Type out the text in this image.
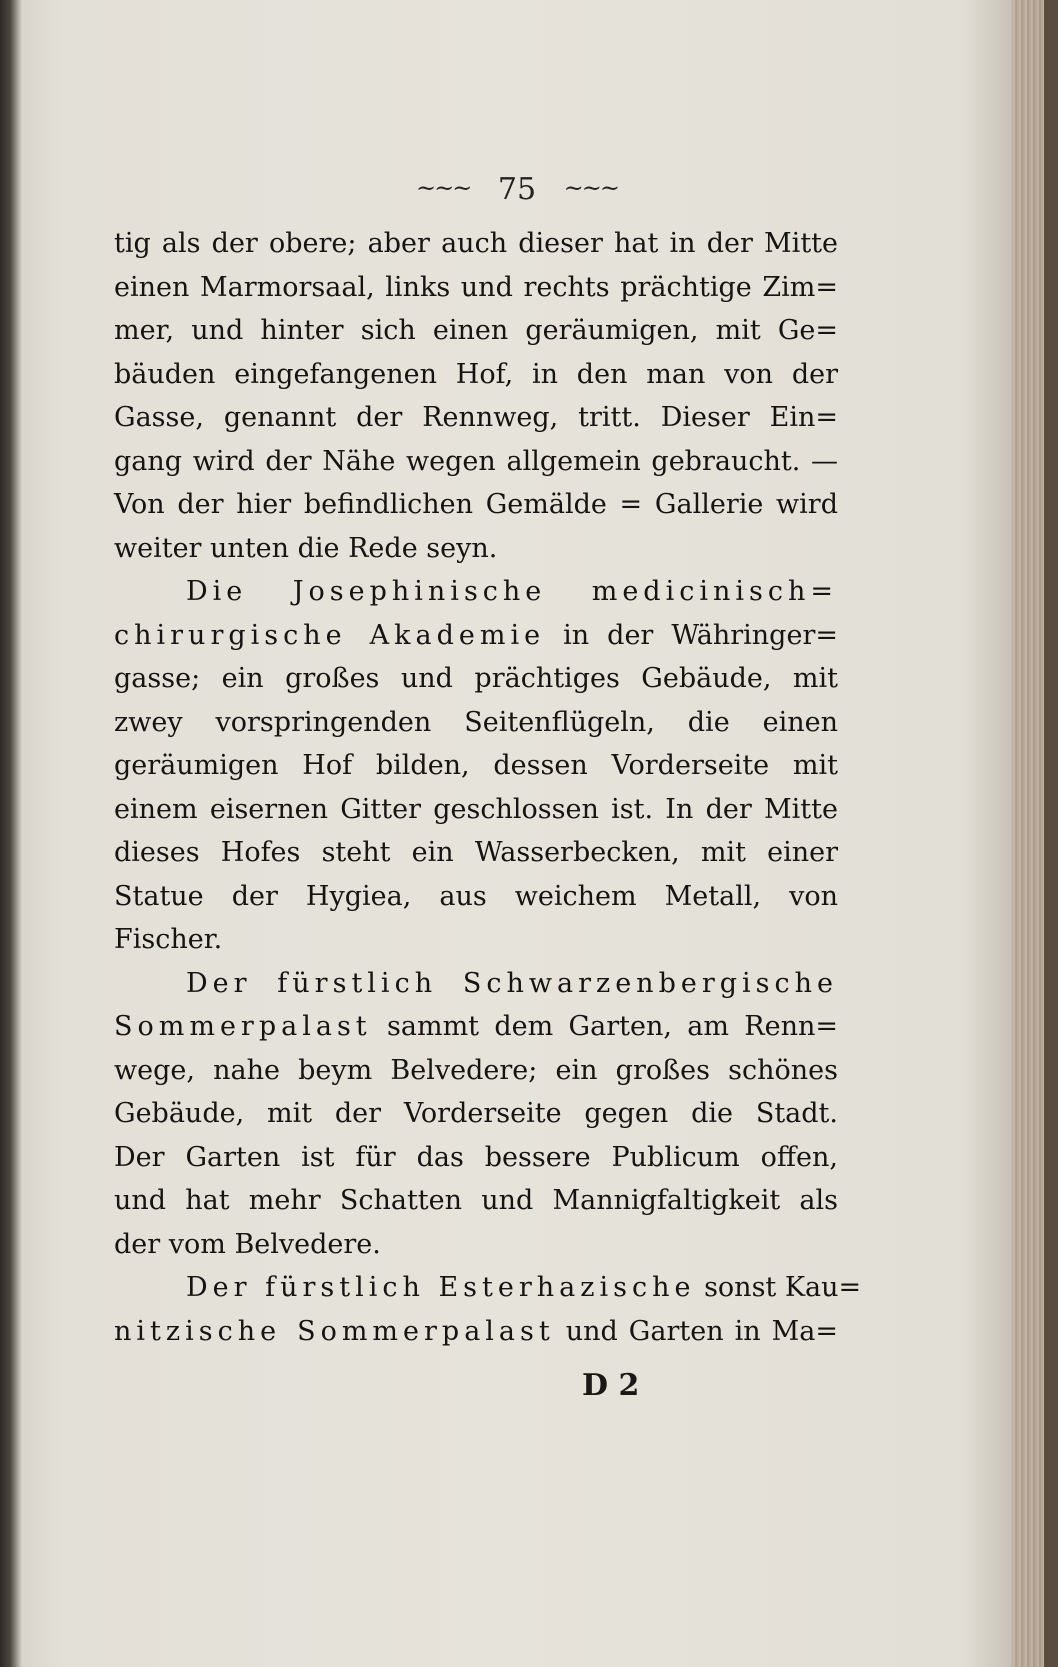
~~~ 75 ~~~
tig als der obere; aber auch dieser hat in der Mitte
einen Marmorsaal, links und rechts prächtige Zim=
mer, und hinter sich einen geräumigen, mit Ge=
bäuden eingefangenen Hof, in den man von der
Gasse, genannt der Rennweg, tritt. Dieser Ein=
gang wird der Nähe wegen allgemein gebraucht. —
Von der hier befindlichen Gemälde = Gallerie wird
weiter unten die Rede seyn.
Die Josephinische medicinisch=
chirurgische Akademie in der Währinger=
gasse; ein großes und prächtiges Gebäude, mit
zwey vorspringenden Seitenflügeln, die einen
geräumigen Hof bilden, dessen Vorderseite mit
einem eisernen Gitter geschlossen ist. In der Mitte
dieses Hofes steht ein Wasserbecken, mit einer
Statue der Hygiea, aus weichem Metall, von
Fischer.
Der fürstlich Schwarzenbergische
Sommerpalast sammt dem Garten, am Renn=
wege, nahe beym Belvedere; ein großes schönes
Gebäude, mit der Vorderseite gegen die Stadt.
Der Garten ist für das bessere Publicum offen,
und hat mehr Schatten und Mannigfaltigkeit als
der vom Belvedere.
Der fürstlich Esterhazische sonst Kau=
nitzische Sommerpalast und Garten in Ma=
D 2
